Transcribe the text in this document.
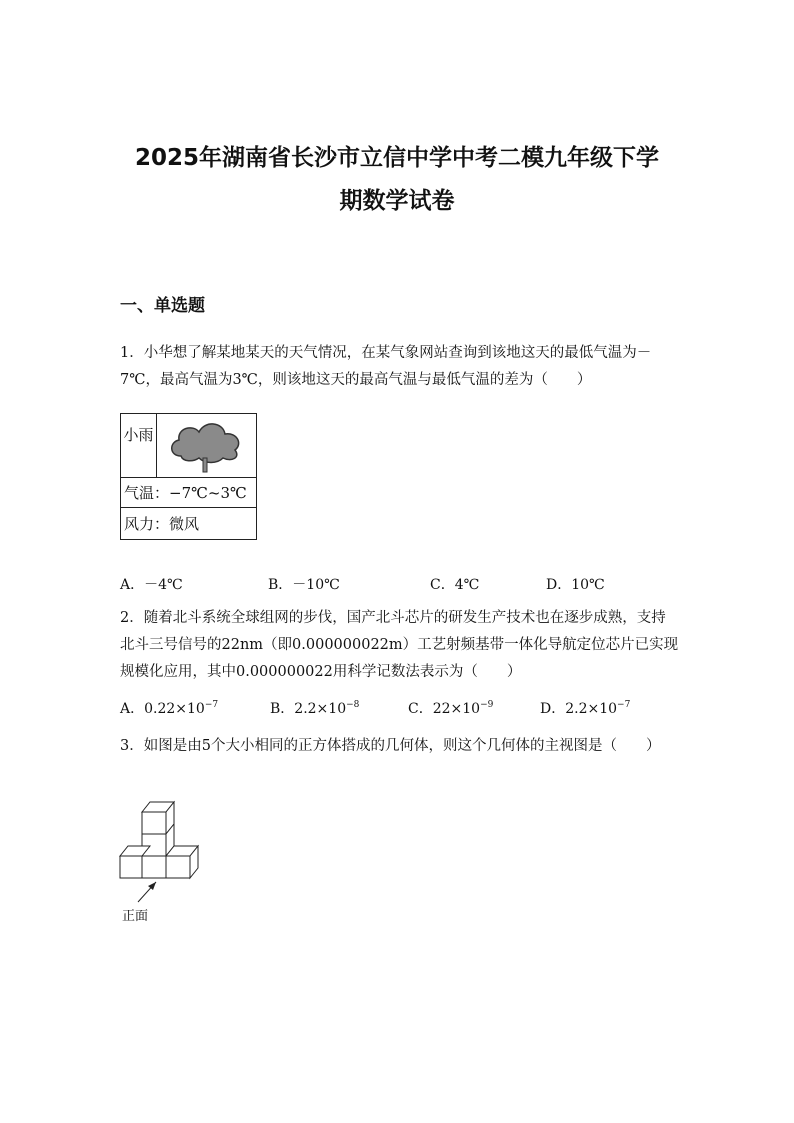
2025年湖南省长沙市立信中学中考二模九年级下学
期数学试卷
一、单选题
1．小华想了解某地某天的天气情况，在某气象网站查询到该地这天的最低气温为－7℃，最高气温为3℃，则该地这天的最高气温与最低气温的差为（　　）
小雨
气温：−7℃~3℃
风力：微风
A．－4℃	B．－10℃	C．4℃	D．10℃
2．随着北斗系统全球组网的步伐，国产北斗芯片的研发生产技术也在逐步成熟，支持北斗三号信号的22nm（即0.000000022m）工艺射频基带一体化导航定位芯片已实现规模化应用，其中0.000000022用科学记数法表示为（　　）
A．$0.22\times 10^{-7}$	B．$2.2\times 10^{-8}$	C．$22\times 10^{-9}$	D．$2.2\times 10^{-7}$
3．如图是由5个大小相同的正方体搭成的几何体，则这个几何体的主视图是（　　）
正面
